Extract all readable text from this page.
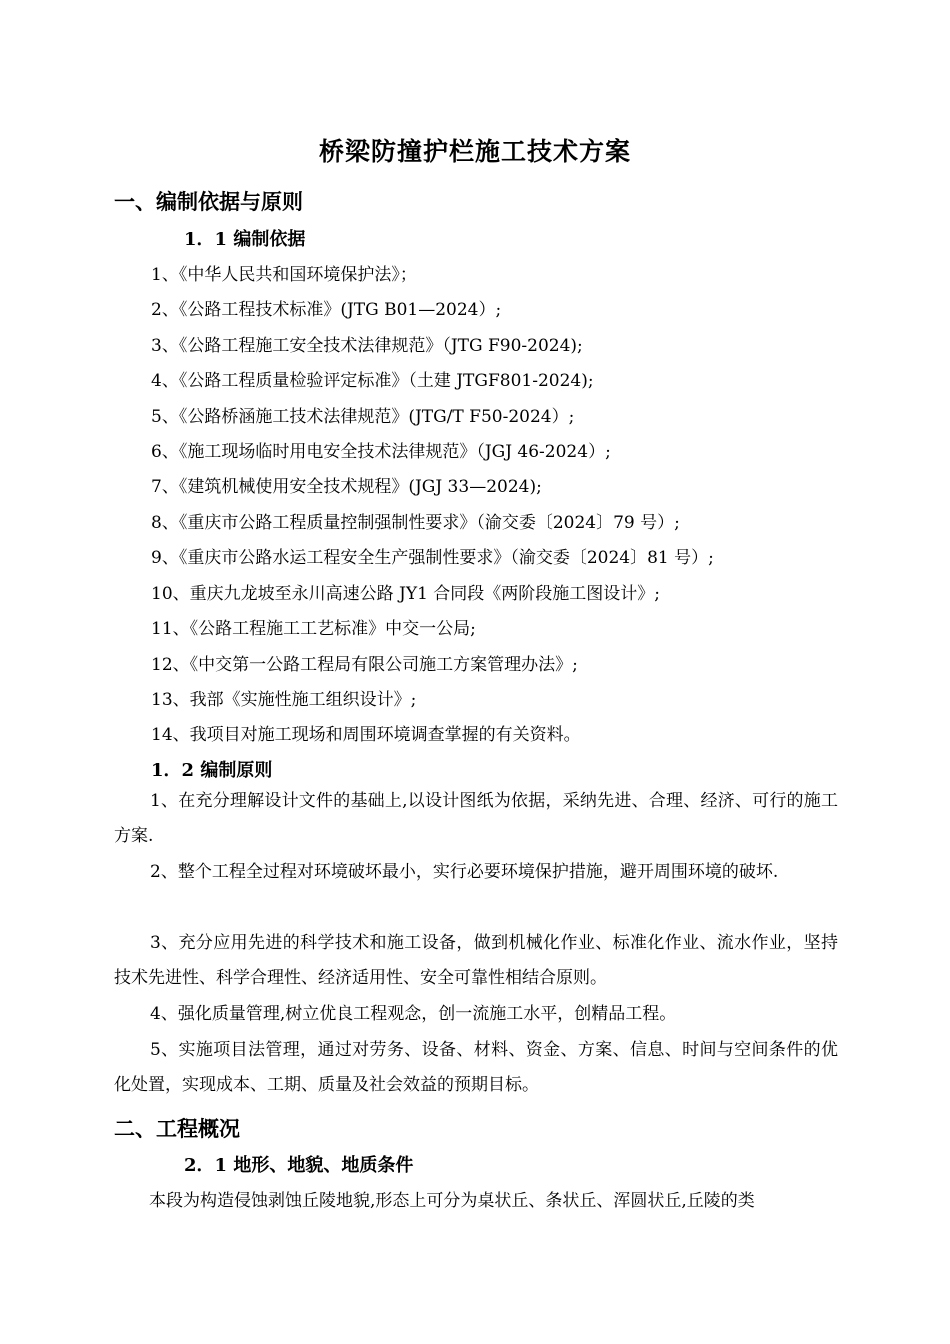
桥梁防撞护栏施工技术方案
一、编制依据与原则
1．1 编制依据
1、《中华人民共和国环境保护法》；
2、《公路工程技术标准》(JTG B01—2024）;
3、《公路工程施工安全技术法律规范》（JTG F90-2024);
4、《公路工程质量检验评定标准》（土建 JTGF801-2024);
5、《公路桥涵施工技术法律规范》(JTG/T F50-2024）;
6、《施工现场临时用电安全技术法律规范》（JGJ 46-2024）;
7、《建筑机械使用安全技术规程》(JGJ 33—2024);
8、《重庆市公路工程质量控制强制性要求》（渝交委〔2024〕79 号）;
9、《重庆市公路水运工程安全生产强制性要求》（渝交委〔2024〕81 号）;
10、重庆九龙坡至永川高速公路 JY1 合同段《两阶段施工图设计》;
11、《公路工程施工工艺标准》中交一公局;
12、《中交第一公路工程局有限公司施工方案管理办法》;
13、我部《实施性施工组织设计》;
14、我项目对施工现场和周围环境调查掌握的有关资料。
1．2 编制原则
1、在充分理解设计文件的基础上,以设计图纸为依据，采纳先进、合理、经济、可行的施工方案.
2、整个工程全过程对环境破坏最小，实行必要环境保护措施，避开周围环境的破坏.
3、充分应用先进的科学技术和施工设备，做到机械化作业、标准化作业、流水作业，坚持技术先进性、科学合理性、经济适用性、安全可靠性相结合原则。
4、强化质量管理,树立优良工程观念，创一流施工水平，创精品工程。
5、实施项目法管理，通过对劳务、设备、材料、资金、方案、信息、时间与空间条件的优化处置，实现成本、工期、质量及社会效益的预期目标。
二、工程概况
2．1 地形、地貌、地质条件
本段为构造侵蚀剥蚀丘陵地貌,形态上可分为桌状丘、条状丘、浑圆状丘,丘陵的类
